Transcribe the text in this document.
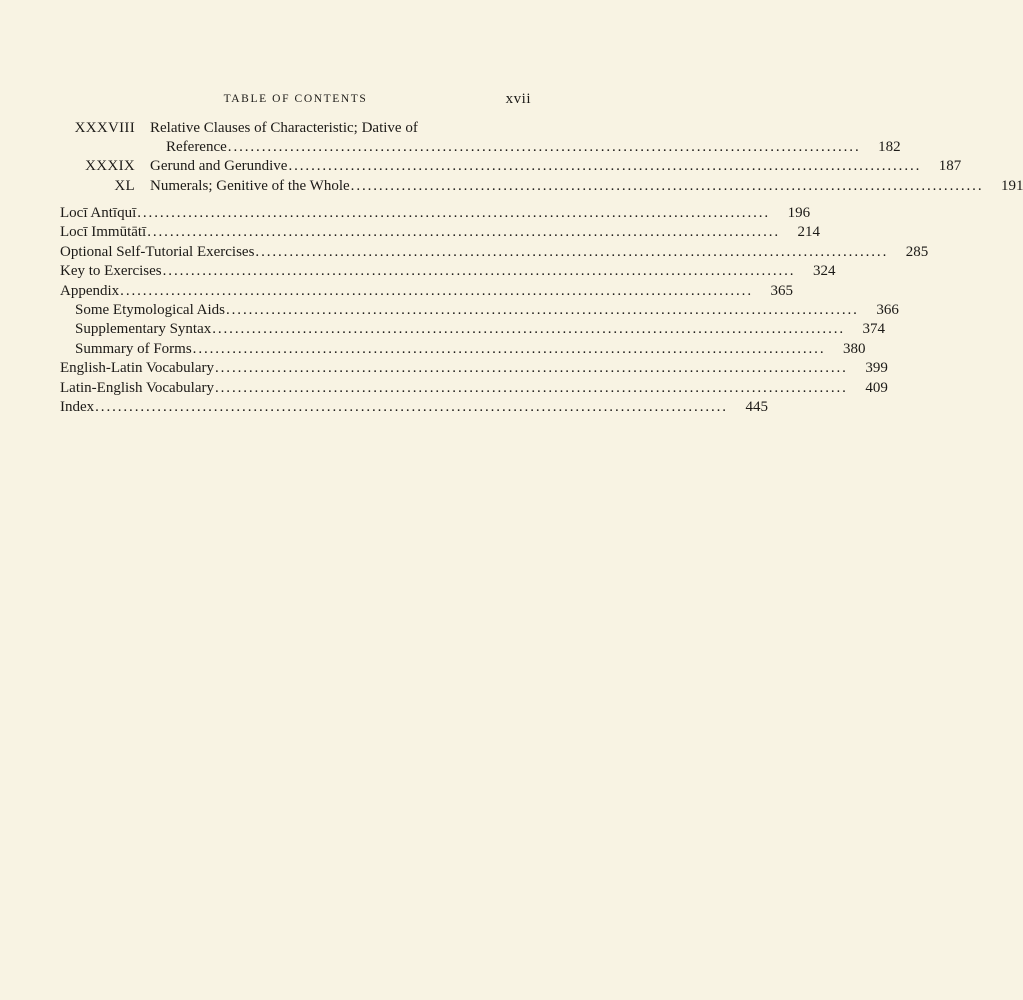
TABLE OF CONTENTS	xvii
XXXVIII Relative Clauses of Characteristic; Dative of
Reference ................................................................................................................	182
XXXIX Gerund and Gerundive ................................................................................................................	187
XL Numerals; Genitive of the Whole ................................................................................................................	191
Locī Antīquī ................................................................................................................	196
Locī Immūtātī ................................................................................................................	214
Optional Self-Tutorial Exercises ................................................................................................................	285
Key to Exercises ................................................................................................................	324
Appendix ................................................................................................................	365
Some Etymological Aids ................................................................................................................	366
Supplementary Syntax ................................................................................................................	374
Summary of Forms ................................................................................................................	380
English-Latin Vocabulary ................................................................................................................	399
Latin-English Vocabulary ................................................................................................................	409
Index ................................................................................................................	445
